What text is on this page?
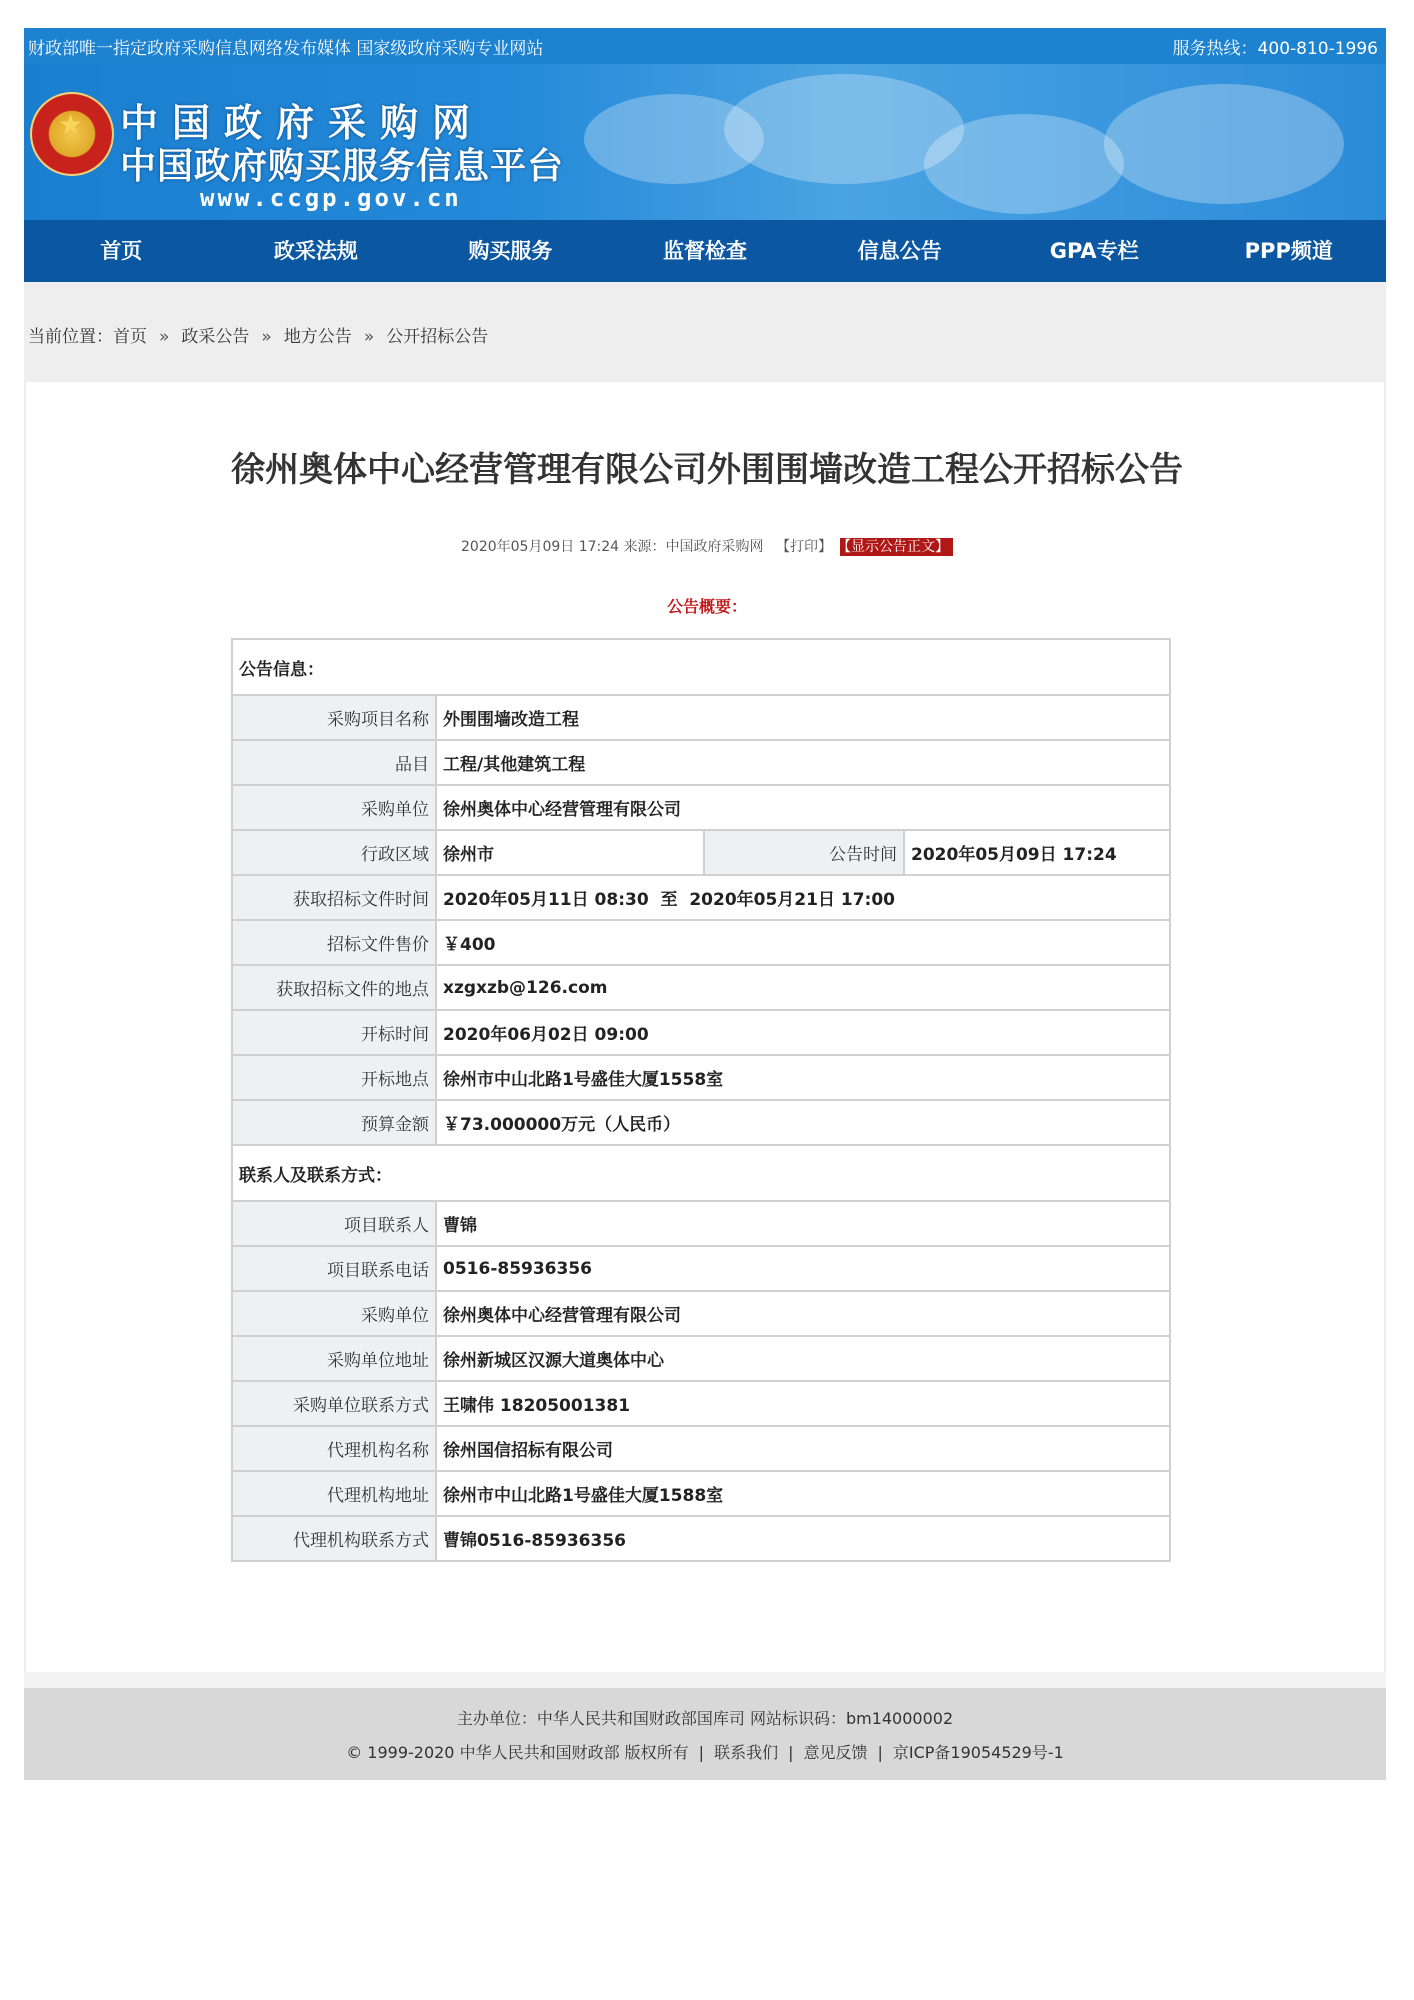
财政部唯一指定政府采购信息网络发布媒体 国家级政府采购专业网站	服务热线：400-810-1996
★
中国政府采购网
中国政府购买服务信息平台
www.ccgp.gov.cn
首页	政采法规	购买服务	监督检查	信息公告	GPA专栏	PPP频道
当前位置：首页 » 政采公告 » 地方公告 » 公开招标公告
徐州奥体中心经营管理有限公司外围围墙改造工程公开招标公告
2020年05月09日 17:24 来源：中国政府采购网 【打印】 【显示公告正文】
公告概要：
公告信息：			
采购项目名称	外围围墙改造工程		
品目	工程/其他建筑工程		
采购单位	徐州奥体中心经营管理有限公司		
行政区域	徐州市	公告时间	2020年05月09日 17:24
获取招标文件时间	2020年05月11日 08:30  至  2020年05月21日 17:00		
招标文件售价	￥400		
获取招标文件的地点	xzgxzb@126.com		
开标时间	2020年06月02日 09:00		
开标地点	徐州市中山北路1号盛佳大厦1558室		
预算金额	￥73.000000万元（人民币）		
联系人及联系方式：			
项目联系人	曹锦		
项目联系电话	0516-85936356		
采购单位	徐州奥体中心经营管理有限公司		
采购单位地址	徐州新城区汉源大道奥体中心		
采购单位联系方式	王啸伟 18205001381		
代理机构名称	徐州国信招标有限公司		
代理机构地址	徐州市中山北路1号盛佳大厦1588室		
代理机构联系方式	曹锦0516-85936356		
主办单位：中华人民共和国财政部国库司 网站标识码：bm14000002
© 1999-2020 中华人民共和国财政部 版权所有 | 联系我们 | 意见反馈 | 京ICP备19054529号-1
